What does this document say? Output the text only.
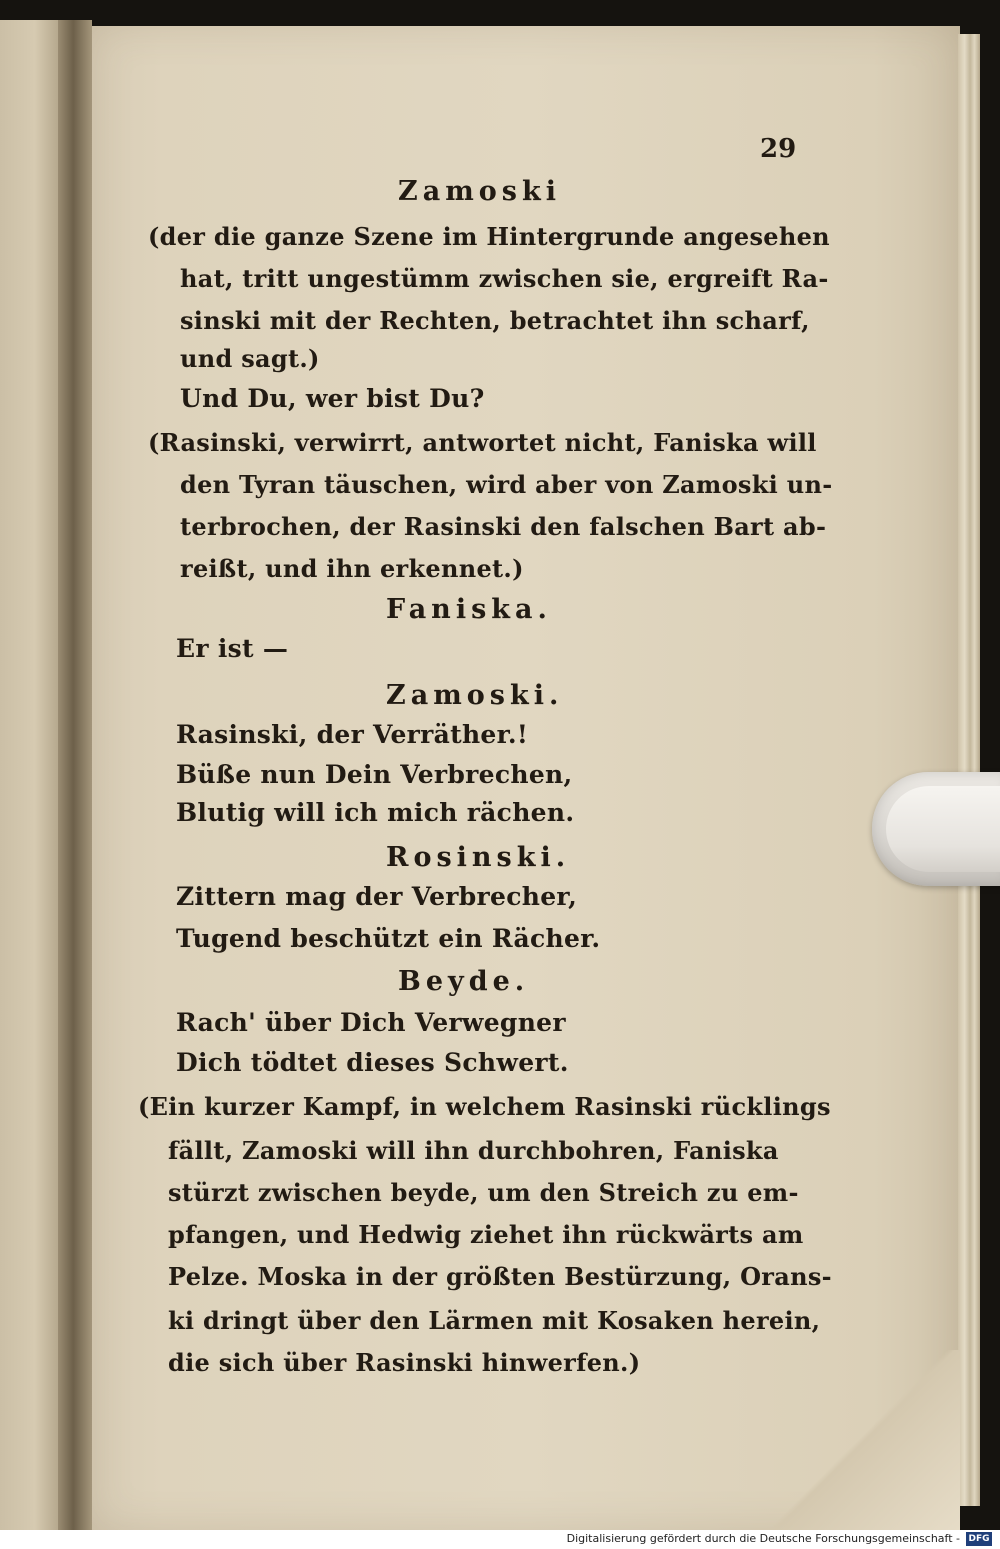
29
Zamoski
(der die ganze Szene im Hintergrunde angesehen
hat, tritt ungestümm zwischen sie, ergreift Ra-
sinski mit der Rechten, betrachtet ihn scharf,
und sagt.)
Und Du, wer bist Du?
(Rasinski, verwirrt, antwortet nicht, Faniska will
den Tyran täuschen, wird aber von Zamoski un-
terbrochen, der Rasinski den falschen Bart ab-
reißt, und ihn erkennet.)
Faniska.
Er ist —
Zamoski.
Rasinski, der Verräther.!
Büße nun Dein Verbrechen,
Blutig will ich mich rächen.
Rosinski.
Zittern mag der Verbrecher,
Tugend beschützt ein Rächer.
Beyde.
Rach' über Dich Verwegner
Dich tödtet dieses Schwert.
(Ein kurzer Kampf, in welchem Rasinski rücklings
fällt, Zamoski will ihn durchbohren, Faniska
stürzt zwischen beyde, um den Streich zu em-
pfangen, und Hedwig ziehet ihn rückwärts am
Pelze. Moska in der größten Bestürzung, Orans-
ki dringt über den Lärmen mit Kosaken herein,
die sich über Rasinski hinwerfen.)
Digitalisierung gefördert durch die Deutsche Forschungsgemeinschaft - DFG
